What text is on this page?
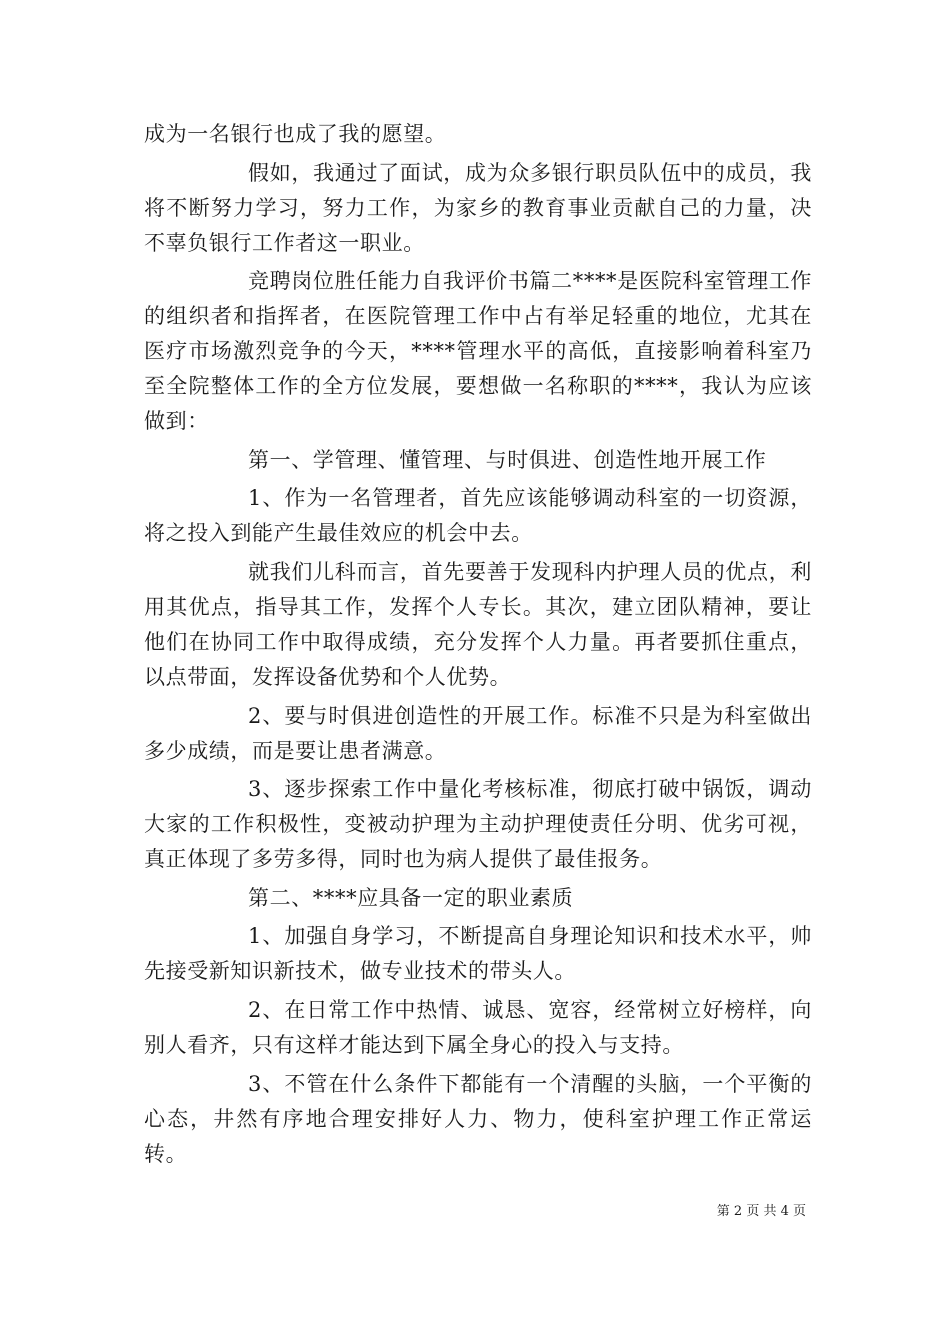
成为一名银行也成了我的愿望。

假如，我通过了面试，成为众多银行职员队伍中的成员，我将不断努力学习，努力工作，为家乡的教育事业贡献自己的力量，决不辜负银行工作者这一职业。

竞聘岗位胜任能力自我评价书篇二****是医院科室管理工作的组织者和指挥者，在医院管理工作中占有举足轻重的地位，尤其在医疗市场激烈竞争的今天，****管理水平的高低，直接影响着科室乃至全院整体工作的全方位发展，要想做一名称职的****，我认为应该做到：

第一、学管理、懂管理、与时俱进、创造性地开展工作

1、作为一名管理者，首先应该能够调动科室的一切资源，将之投入到能产生最佳效应的机会中去。

就我们儿科而言，首先要善于发现科内护理人员的优点，利用其优点，指导其工作，发挥个人专长。其次，建立团队精神，要让他们在协同工作中取得成绩，充分发挥个人力量。再者要抓住重点，以点带面，发挥设备优势和个人优势。

2、要与时俱进创造性的开展工作。标准不只是为科室做出多少成绩，而是要让患者满意。

3、逐步探索工作中量化考核标准，彻底打破中锅饭，调动大家的工作积极性，变被动护理为主动护理使责任分明、优劣可视，真正体现了多劳多得，同时也为病人提供了最佳报务。

第二、****应具备一定的职业素质

1、加强自身学习，不断提高自身理论知识和技术水平，帅先接受新知识新技术，做专业技术的带头人。

2、在日常工作中热情、诚恳、宽容，经常树立好榜样，向别人看齐，只有这样才能达到下属全身心的投入与支持。

3、不管在什么条件下都能有一个清醒的头脑，一个平衡的心态，井然有序地合理安排好人力、物力，使科室护理工作正常运转。

第 2 页 共 4 页
